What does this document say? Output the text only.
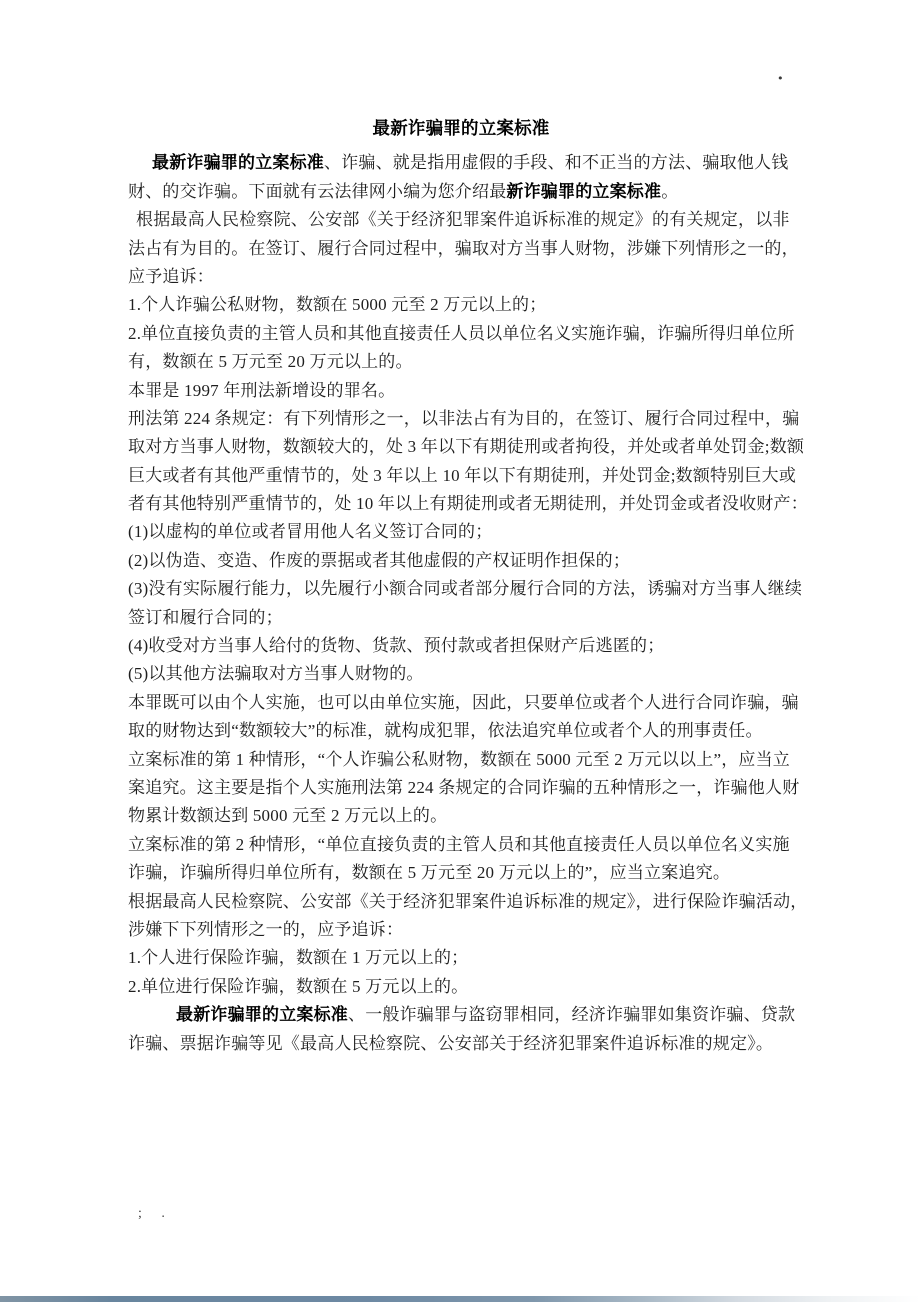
•
最新诈骗罪的立案标准
最新诈骗罪的立案标准、诈骗、就是指用虚假的手段、和不正当的方法、骗取他人钱
财、的交诈骗。下面就有云法律网小编为您介绍最新诈骗罪的立案标准。
根据最高人民检察院、公安部《关于经济犯罪案件追诉标准的规定》的有关规定，以非
法占有为目的。在签订、履行合同过程中，骗取对方当事人财物，涉嫌下列情形之一的，
应予追诉：
1.个人诈骗公私财物，数额在 5000 元至 2 万元以上的；
2.单位直接负责的主管人员和其他直接责任人员以单位名义实施诈骗，诈骗所得归单位所
有，数额在 5 万元至 20 万元以上的。
本罪是 1997 年刑法新增设的罪名。
刑法第 224 条规定：有下列情形之一，以非法占有为目的，在签订、履行合同过程中，骗
取对方当事人财物，数额较大的，处 3 年以下有期徒刑或者拘役，并处或者单处罚金;数额
巨大或者有其他严重情节的，处 3 年以上 10 年以下有期徒刑，并处罚金;数额特别巨大或
者有其他特别严重情节的，处 10 年以上有期徒刑或者无期徒刑，并处罚金或者没收财产：
(1)以虚构的单位或者冒用他人名义签订合同的；
(2)以伪造、变造、作废的票据或者其他虚假的产权证明作担保的；
(3)没有实际履行能力，以先履行小额合同或者部分履行合同的方法，诱骗对方当事人继续
签订和履行合同的；
(4)收受对方当事人给付的货物、货款、预付款或者担保财产后逃匿的；
(5)以其他方法骗取对方当事人财物的。
本罪既可以由个人实施，也可以由单位实施，因此，只要单位或者个人进行合同诈骗，骗
取的财物达到“数额较大”的标准，就构成犯罪，依法追究单位或者个人的刑事责任。
立案标准的第 1 种情形，“个人诈骗公私财物，数额在 5000 元至 2 万元以以上”，应当立
案追究。这主要是指个人实施刑法第 224 条规定的合同诈骗的五种情形之一，诈骗他人财
物累计数额达到 5000 元至 2 万元以上的。
立案标准的第 2 种情形，“单位直接负责的主管人员和其他直接责任人员以单位名义实施
诈骗，诈骗所得归单位所有，数额在 5 万元至 20 万元以上的”，应当立案追究。
根据最高人民检察院、公安部《关于经济犯罪案件追诉标准的规定》，进行保险诈骗活动，
涉嫌下下列情形之一的，应予追诉：
1.个人进行保险诈骗，数额在 1 万元以上的；
2.单位进行保险诈骗，数额在 5 万元以上的。
最新诈骗罪的立案标准、一般诈骗罪与盗窃罪相同，经济诈骗罪如集资诈骗、贷款
诈骗、票据诈骗等见《最高人民检察院、公安部关于经济犯罪案件追诉标准的规定》。
; .
